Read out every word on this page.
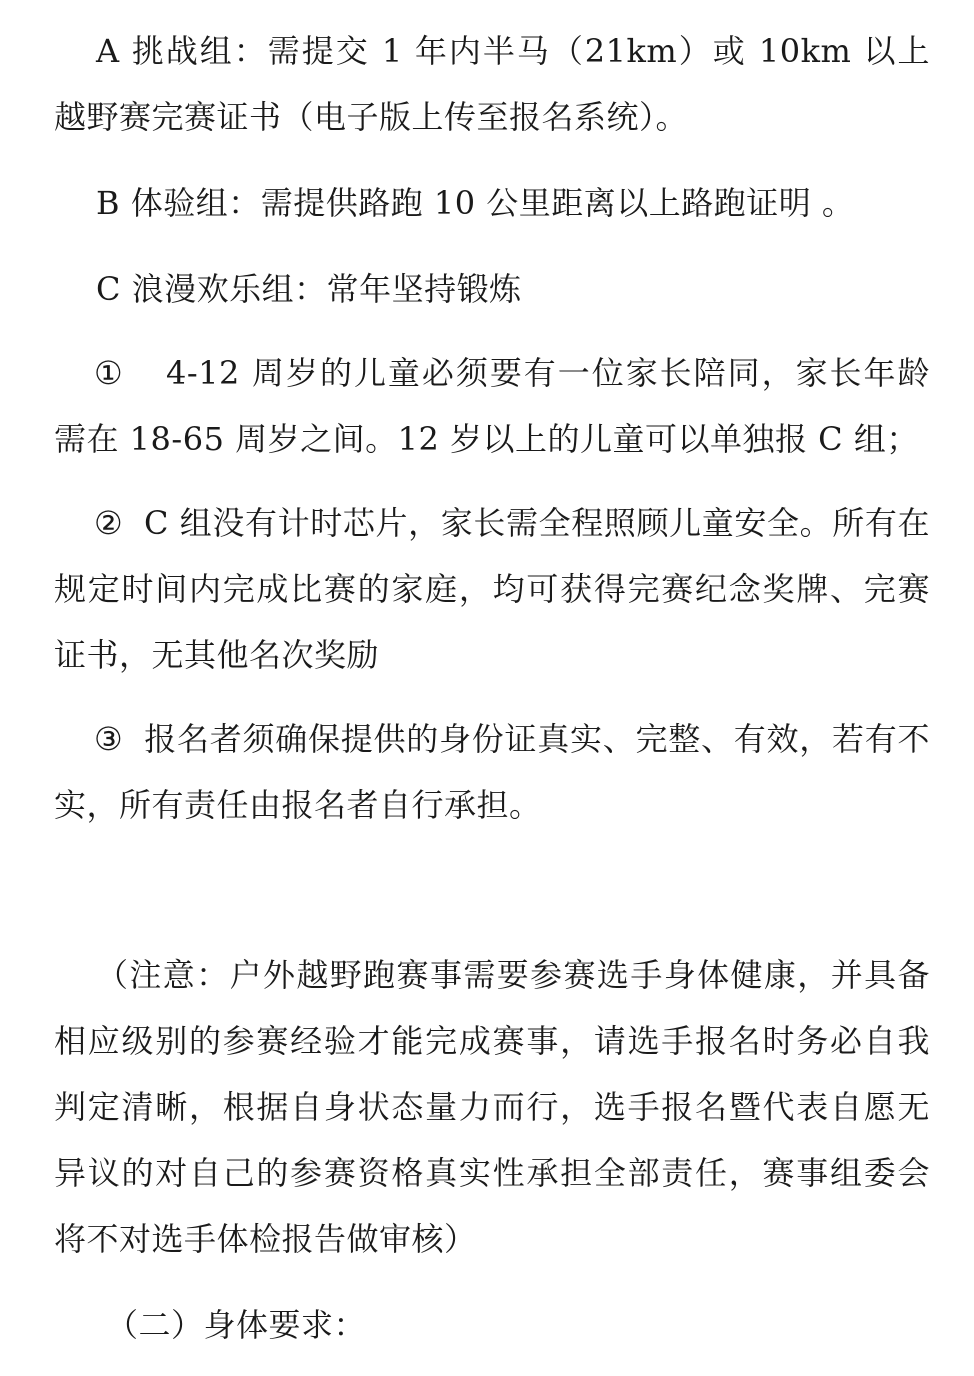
A 挑战组：需提交 1 年内半马（21km）或 10km 以上越野赛完赛证书（电子版上传至报名系统）。

B 体验组：需提供路跑 10 公里距离以上路跑证明 。

C 浪漫欢乐组：常年坚持锻炼

① 4-12 周岁的儿童必须要有一位家长陪同，家长年龄需在 18-65 周岁之间。12 岁以上的儿童可以单独报 C 组；

② C 组没有计时芯片，家长需全程照顾儿童安全。所有在规定时间内完成比赛的家庭，均可获得完赛纪念奖牌、完赛证书，无其他名次奖励

③ 报名者须确保提供的身份证真实、完整、有效，若有不实，所有责任由报名者自行承担。

（注意：户外越野跑赛事需要参赛选手身体健康，并具备相应级别的参赛经验才能完成赛事，请选手报名时务必自我判定清晰，根据自身状态量力而行，选手报名暨代表自愿无异议的对自己的参赛资格真实性承担全部责任，赛事组委会将不对选手体检报告做审核）

（二）身体要求：
